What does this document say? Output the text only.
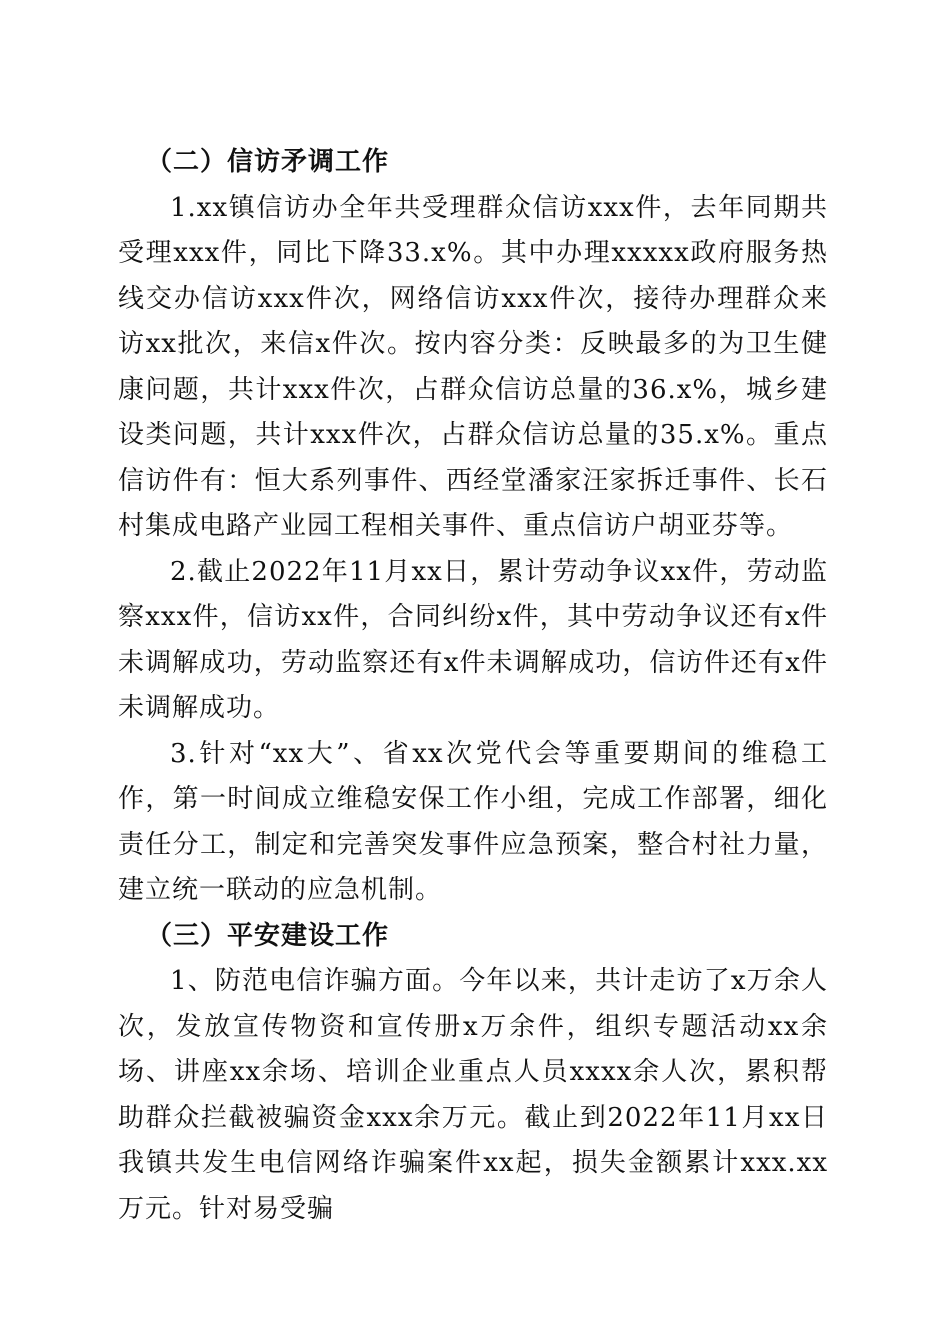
（二）信访矛调工作

1.xx镇信访办全年共受理群众信访xxx件，去年同期共受理xxx件，同比下降33.x%。其中办理xxxxx政府服务热线交办信访xxx件次，网络信访xxx件次，接待办理群众来访xx批次，来信x件次。按内容分类：反映最多的为卫生健康问题，共计xxx件次，占群众信访总量的36.x%，城乡建设类问题，共计xxx件次，占群众信访总量的35.x%。重点信访件有：恒大系列事件、西经堂潘家汪家拆迁事件、长石村集成电路产业园工程相关事件、重点信访户胡亚芬等。

2.截止2022年11月xx日，累计劳动争议xx件，劳动监察xxx件，信访xx件，合同纠纷x件，其中劳动争议还有x件未调解成功，劳动监察还有x件未调解成功，信访件还有x件未调解成功。

3.针对“xx大”、省xx次党代会等重要期间的维稳工作，第一时间成立维稳安保工作小组，完成工作部署，细化责任分工，制定和完善突发事件应急预案，整合村社力量，建立统一联动的应急机制。

（三）平安建设工作

1、防范电信诈骗方面。今年以来，共计走访了x万余人次，发放宣传物资和宣传册x万余件，组织专题活动xx余场、讲座xx余场、培训企业重点人员xxxx余人次，累积帮助群众拦截被骗资金xxx余万元。截止到2022年11月xx日我镇共发生电信网络诈骗案件xx起，损失金额累计xxx.xx万元。针对易受骗
